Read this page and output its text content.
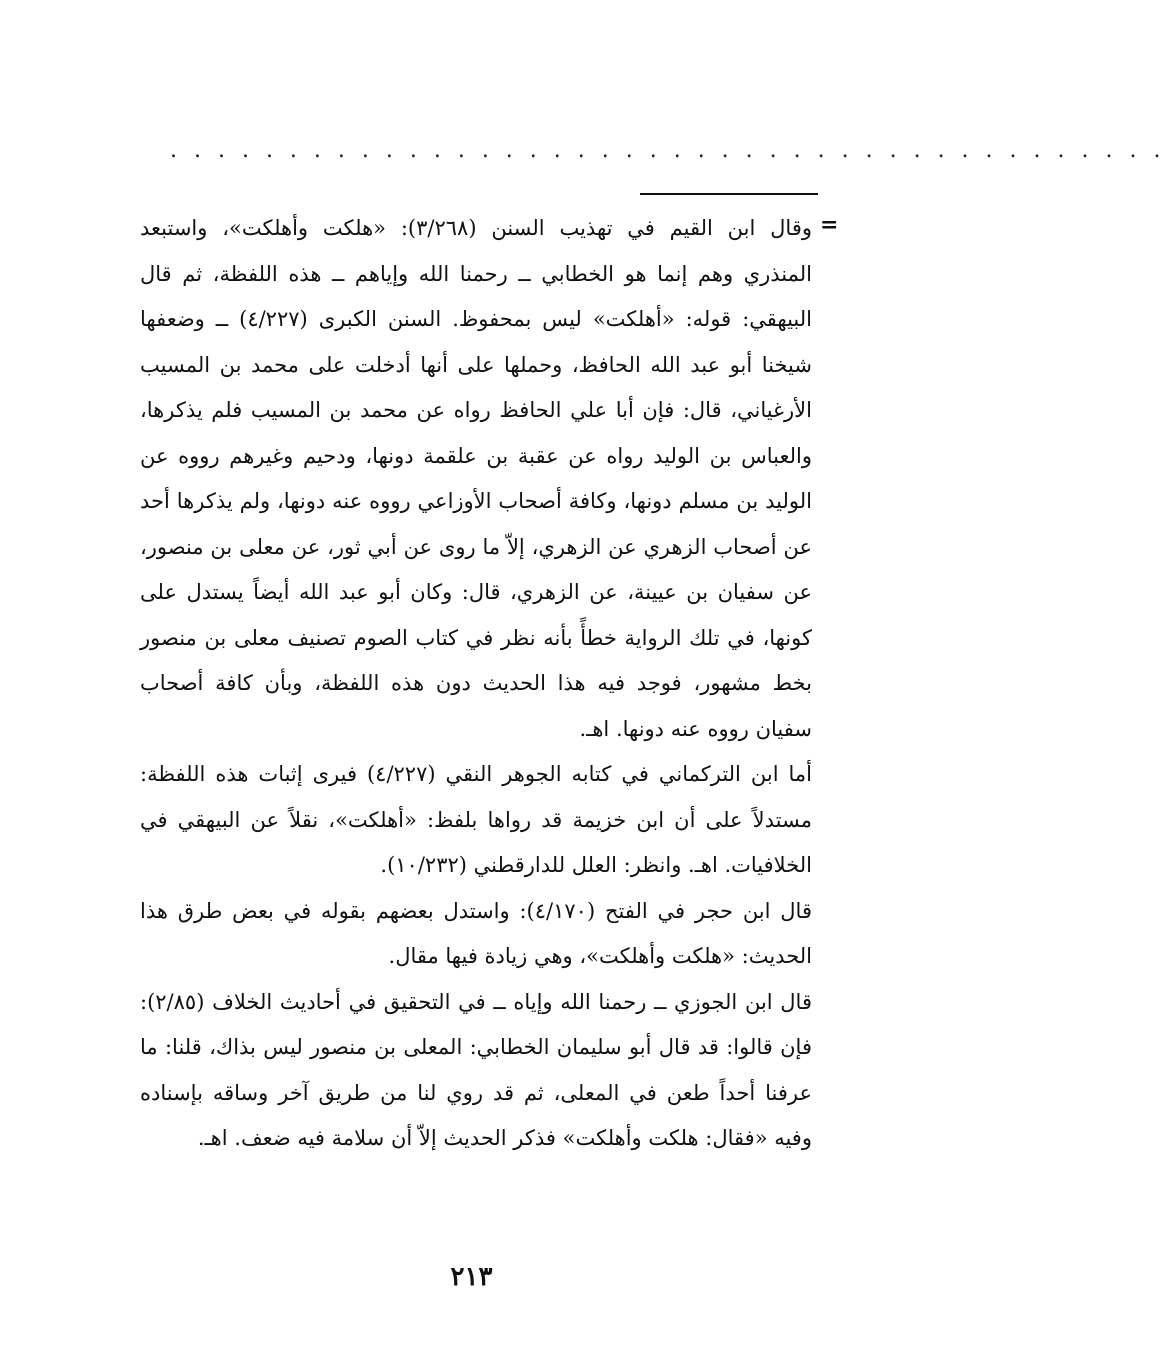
. . . . . . . . . . . . . . . . . . . . . . . . . . . . . . . . . . . . . . . . . .
=

وقال ابن القيم في تهذيب السنن (٣/٢٦٨): «هلكت وأهلكت»، واستبعد المنذري وهم إنما هو الخطابي ــ رحمنا الله وإياهم ــ هذه اللفظة، ثم قال البيهقي: قوله: «أهلكت» ليس بمحفوظ. السنن الكبرى (٤/٢٢٧) ــ وضعفها شيخنا أبو عبد الله الحافظ، وحملها على أنها أدخلت على محمد بن المسيب الأرغياني، قال: فإن أبا علي الحافظ رواه عن محمد بن المسيب فلم يذكرها، والعباس بن الوليد رواه عن عقبة بن علقمة دونها، ودحيم وغيرهم رووه عن الوليد بن مسلم دونها، وكافة أصحاب الأوزاعي رووه عنه دونها، ولم يذكرها أحد عن أصحاب الزهري عن الزهري، إلاّ ما روى عن أبي ثور، عن معلى بن منصور، عن سفيان بن عيينة، عن الزهري، قال: وكان أبو عبد الله أيضاً يستدل على كونها، في تلك الرواية خطأً بأنه نظر في كتاب الصوم تصنيف معلى بن منصور بخط مشهور، فوجد فيه هذا الحديث دون هذه اللفظة، وبأن كافة أصحاب سفيان رووه عنه دونها. اهـ.

أما ابن التركماني في كتابه الجوهر النقي (٤/٢٢٧) فيرى إثبات هذه اللفظة: مستدلاً على أن ابن خزيمة قد رواها بلفظ: «أهلكت»، نقلاً عن البيهقي في الخلافيات. اهـ. وانظر: العلل للدارقطني (١٠/٢٣٢).

قال ابن حجر في الفتح (٤/١٧٠): واستدل بعضهم بقوله في بعض طرق هذا الحديث: «هلكت وأهلكت»، وهي زيادة فيها مقال.

قال ابن الجوزي ــ رحمنا الله وإياه ــ في التحقيق في أحاديث الخلاف (٢/٨٥): فإن قالوا: قد قال أبو سليمان الخطابي: المعلى بن منصور ليس بذاك، قلنا: ما عرفنا أحداً طعن في المعلى، ثم قد روي لنا من طريق آخر وساقه بإسناده وفيه «فقال: هلكت وأهلكت» فذكر الحديث إلاّ أن سلامة فيه ضعف. اهـ.

٢١٣
